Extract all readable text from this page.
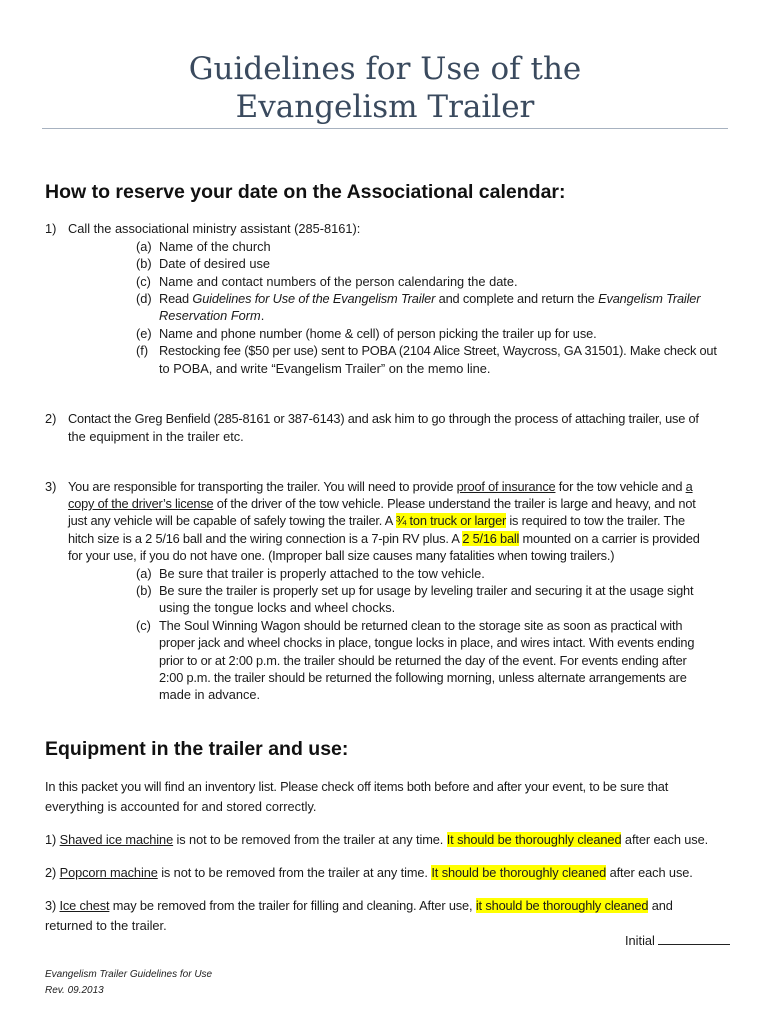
Guidelines for Use of the
Evangelism Trailer
How to reserve your date on the Associational calendar:
1) Call the associational ministry assistant (285-8161):
(a) Name of the church
(b) Date of desired use
(c) Name and contact numbers of the person calendaring the date.
(d) Read Guidelines for Use of the Evangelism Trailer and complete and return the Evangelism Trailer
Reservation Form.
(e) Name and phone number (home & cell) of person picking the trailer up for use.
(f) Restocking fee ($50 per use) sent to POBA (2104 Alice Street, Waycross, GA 31501). Make check out
to POBA, and write “Evangelism Trailer” on the memo line.
2) Contact the Greg Benfield (285-8161 or 387-6143) and ask him to go through the process of attaching trailer, use of
the equipment in the trailer etc.
3) You are responsible for transporting the trailer. You will need to provide proof of insurance for the tow vehicle and a
copy of the driver’s license of the driver of the tow vehicle. Please understand the trailer is large and heavy, and not
just any vehicle will be capable of safely towing the trailer. A ¾ ton truck or larger is required to tow the trailer. The
hitch size is a 2 5/16 ball and the wiring connection is a 7-pin RV plus. A 2 5/16 ball mounted on a carrier is provided
for your use, if you do not have one. (Improper ball size causes many fatalities when towing trailers.)
(a) Be sure that trailer is properly attached to the tow vehicle.
(b) Be sure the trailer is properly set up for usage by leveling trailer and securing it at the usage sight
using the tongue locks and wheel chocks.
(c) The Soul Winning Wagon should be returned clean to the storage site as soon as practical with
proper jack and wheel chocks in place, tongue locks in place, and wires intact. With events ending
prior to or at 2:00 p.m. the trailer should be returned the day of the event. For events ending after
2:00 p.m. the trailer should be returned the following morning, unless alternate arrangements are
made in advance.
Equipment in the trailer and use:
In this packet you will find an inventory list. Please check off items both before and after your event, to be sure that
everything is accounted for and stored correctly.
1) Shaved ice machine is not to be removed from the trailer at any time. It should be thoroughly cleaned after each use.
2) Popcorn machine is not to be removed from the trailer at any time. It should be thoroughly cleaned after each use.
3) Ice chest may be removed from the trailer for filling and cleaning. After use, it should be thoroughly cleaned and
returned to the trailer.
Initial
Evangelism Trailer Guidelines for Use
Rev. 09.2013
